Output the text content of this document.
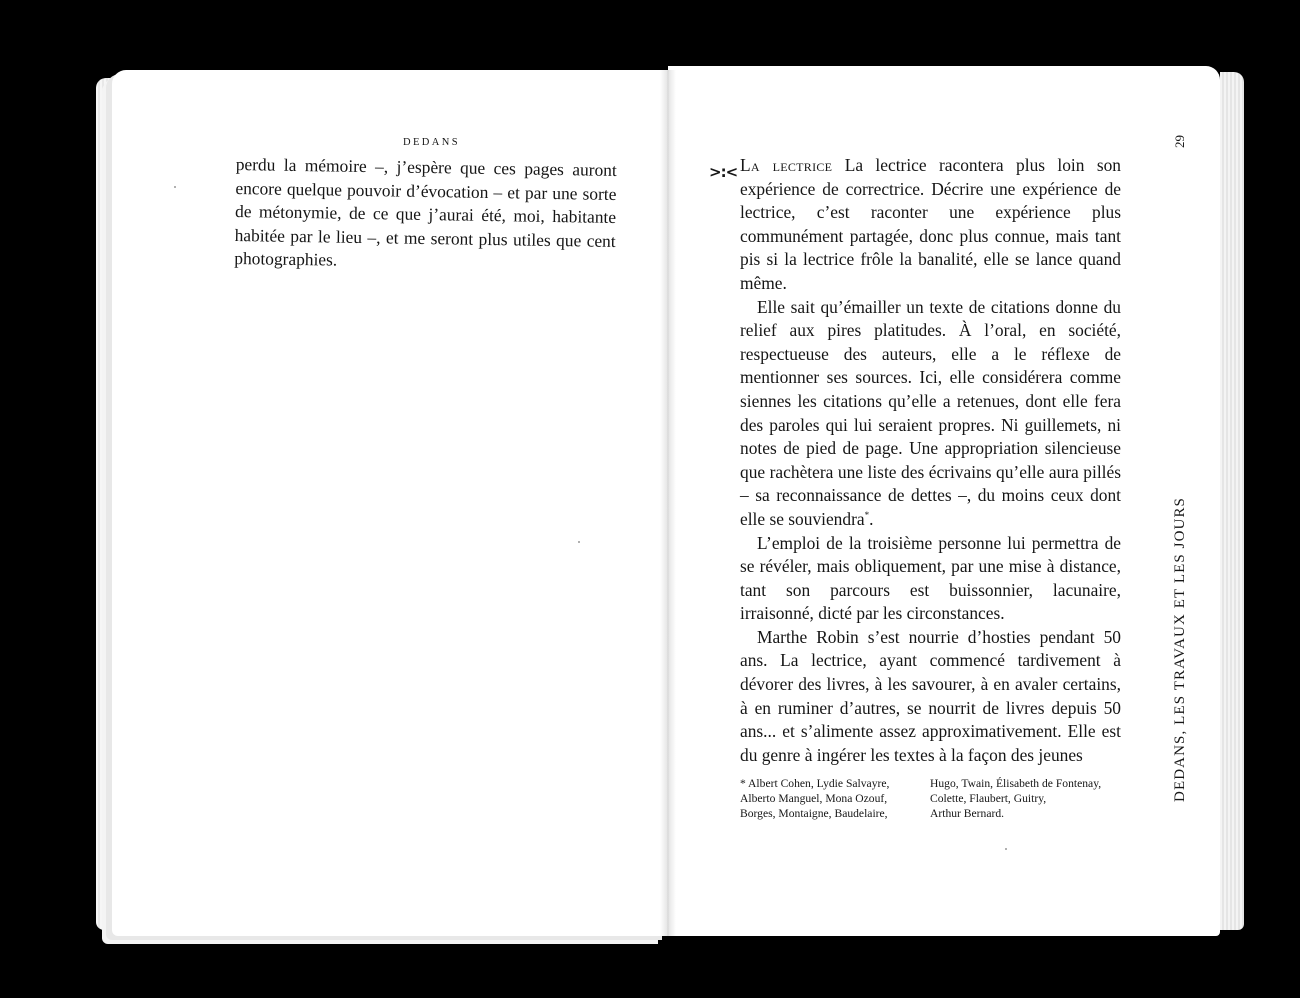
DEDANS
perdu la mémoire –, j’espère que ces pages auront encore quelque pouvoir d’évocation – et par une sorte de métonymie, de ce que j’aurai été, moi, habitante habitée par le lieu –, et me seront plus utiles que cent photographies.
>:< La lectrice La lectrice racontera plus loin son expérience de correctrice. Décrire une expérience de lectrice, c’est raconter une expérience plus communément partagée, donc plus connue, mais tant pis si la lectrice frôle la banalité, elle se lance quand même.

Elle sait qu’émailler un texte de citations donne du relief aux pires platitudes. À l’oral, en société, respectueuse des auteurs, elle a le réflexe de mentionner ses sources. Ici, elle considérera comme siennes les citations qu’elle a retenues, dont elle fera des paroles qui lui seraient propres. Ni guillemets, ni notes de pied de page. Une appropriation silencieuse que rachètera une liste des écrivains qu’elle aura pillés – sa reconnaissance de dettes –, du moins ceux dont elle se souviendra*.

L’emploi de la troisième personne lui permettra de se révéler, mais obliquement, par une mise à distance, tant son parcours est buissonnier, lacunaire, irraisonné, dicté par les circonstances.

Marthe Robin s’est nourrie d’hosties pendant 50 ans. La lectrice, ayant commencé tardivement à dévorer des livres, à les savourer, à en avaler certains, à en ruminer d’autres, se nourrit de livres depuis 50 ans... et s’alimente assez approximativement. Elle est du genre à ingérer les textes à la façon des jeunes

* Albert Cohen, Lydie Salvayre,
Alberto Manguel, Mona Ozouf,
Borges, Montaigne, Baudelaire,
Hugo, Twain, Élisabeth de Fontenay,
Colette, Flaubert, Guitry,
Arthur Bernard.
DEDANS, LES TRAVAUX ET LES JOURS
29
